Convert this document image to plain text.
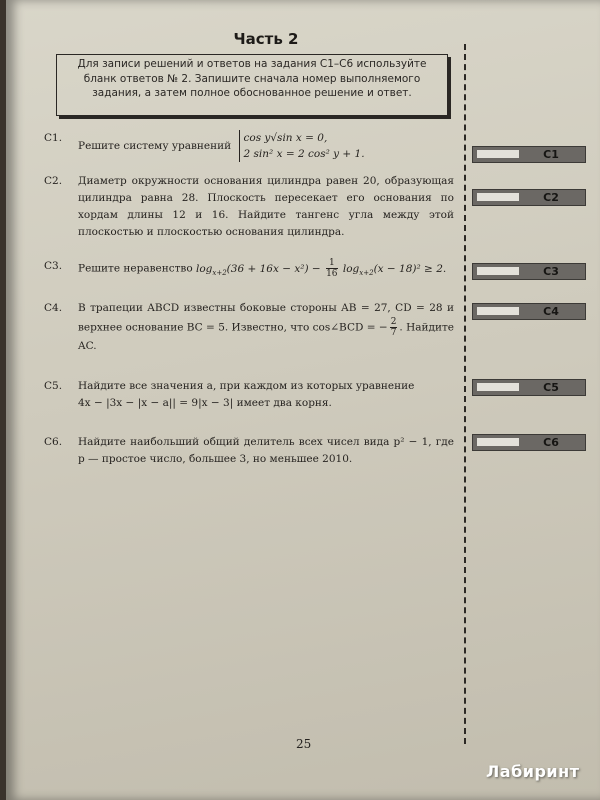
Часть 2
Для записи решений и ответов на задания С1–С6 используйте бланк ответов № 2. Запишите сначала номер выполняемого задания, а затем полное обоснованное решение и ответ.
С1.
Решите систему уравнений
cos y√sin x = 0,
2 sin² x = 2 cos² y + 1.	C1
С2.	Диаметр окружности основания цилиндра равен 20, образующая цилиндра равна 28. Плоскость пересекает его основания по хордам длины 12 и 16. Найдите тангенс угла между этой плоскостью и плоскостью основания цилиндра.
C2
С3.	Решите неравенство $\log_{x+2}(36 + 16x - x^2) - \frac{1}{16} \log_{x+2}(x - 18)^2 \ge 2$.	C3
С4.	В трапеции ABCD известны боковые стороны AB = 27, CD = 28 и верхнее основание BC = 5. Известно, что cos∠BCD = − $\frac{2}{7}$ . Найдите AC.
C4
С5.	Найдите все значения a, при каждом из которых уравнение
4x − |3x − |x − a|| = 9|x − 3| имеет два корня.
C5
С6.	Найдите наибольший общий делитель всех чисел вида p² − 1, где p — простое число, большее 3, но меньшее 2010.
C6
25
Лабиринт
